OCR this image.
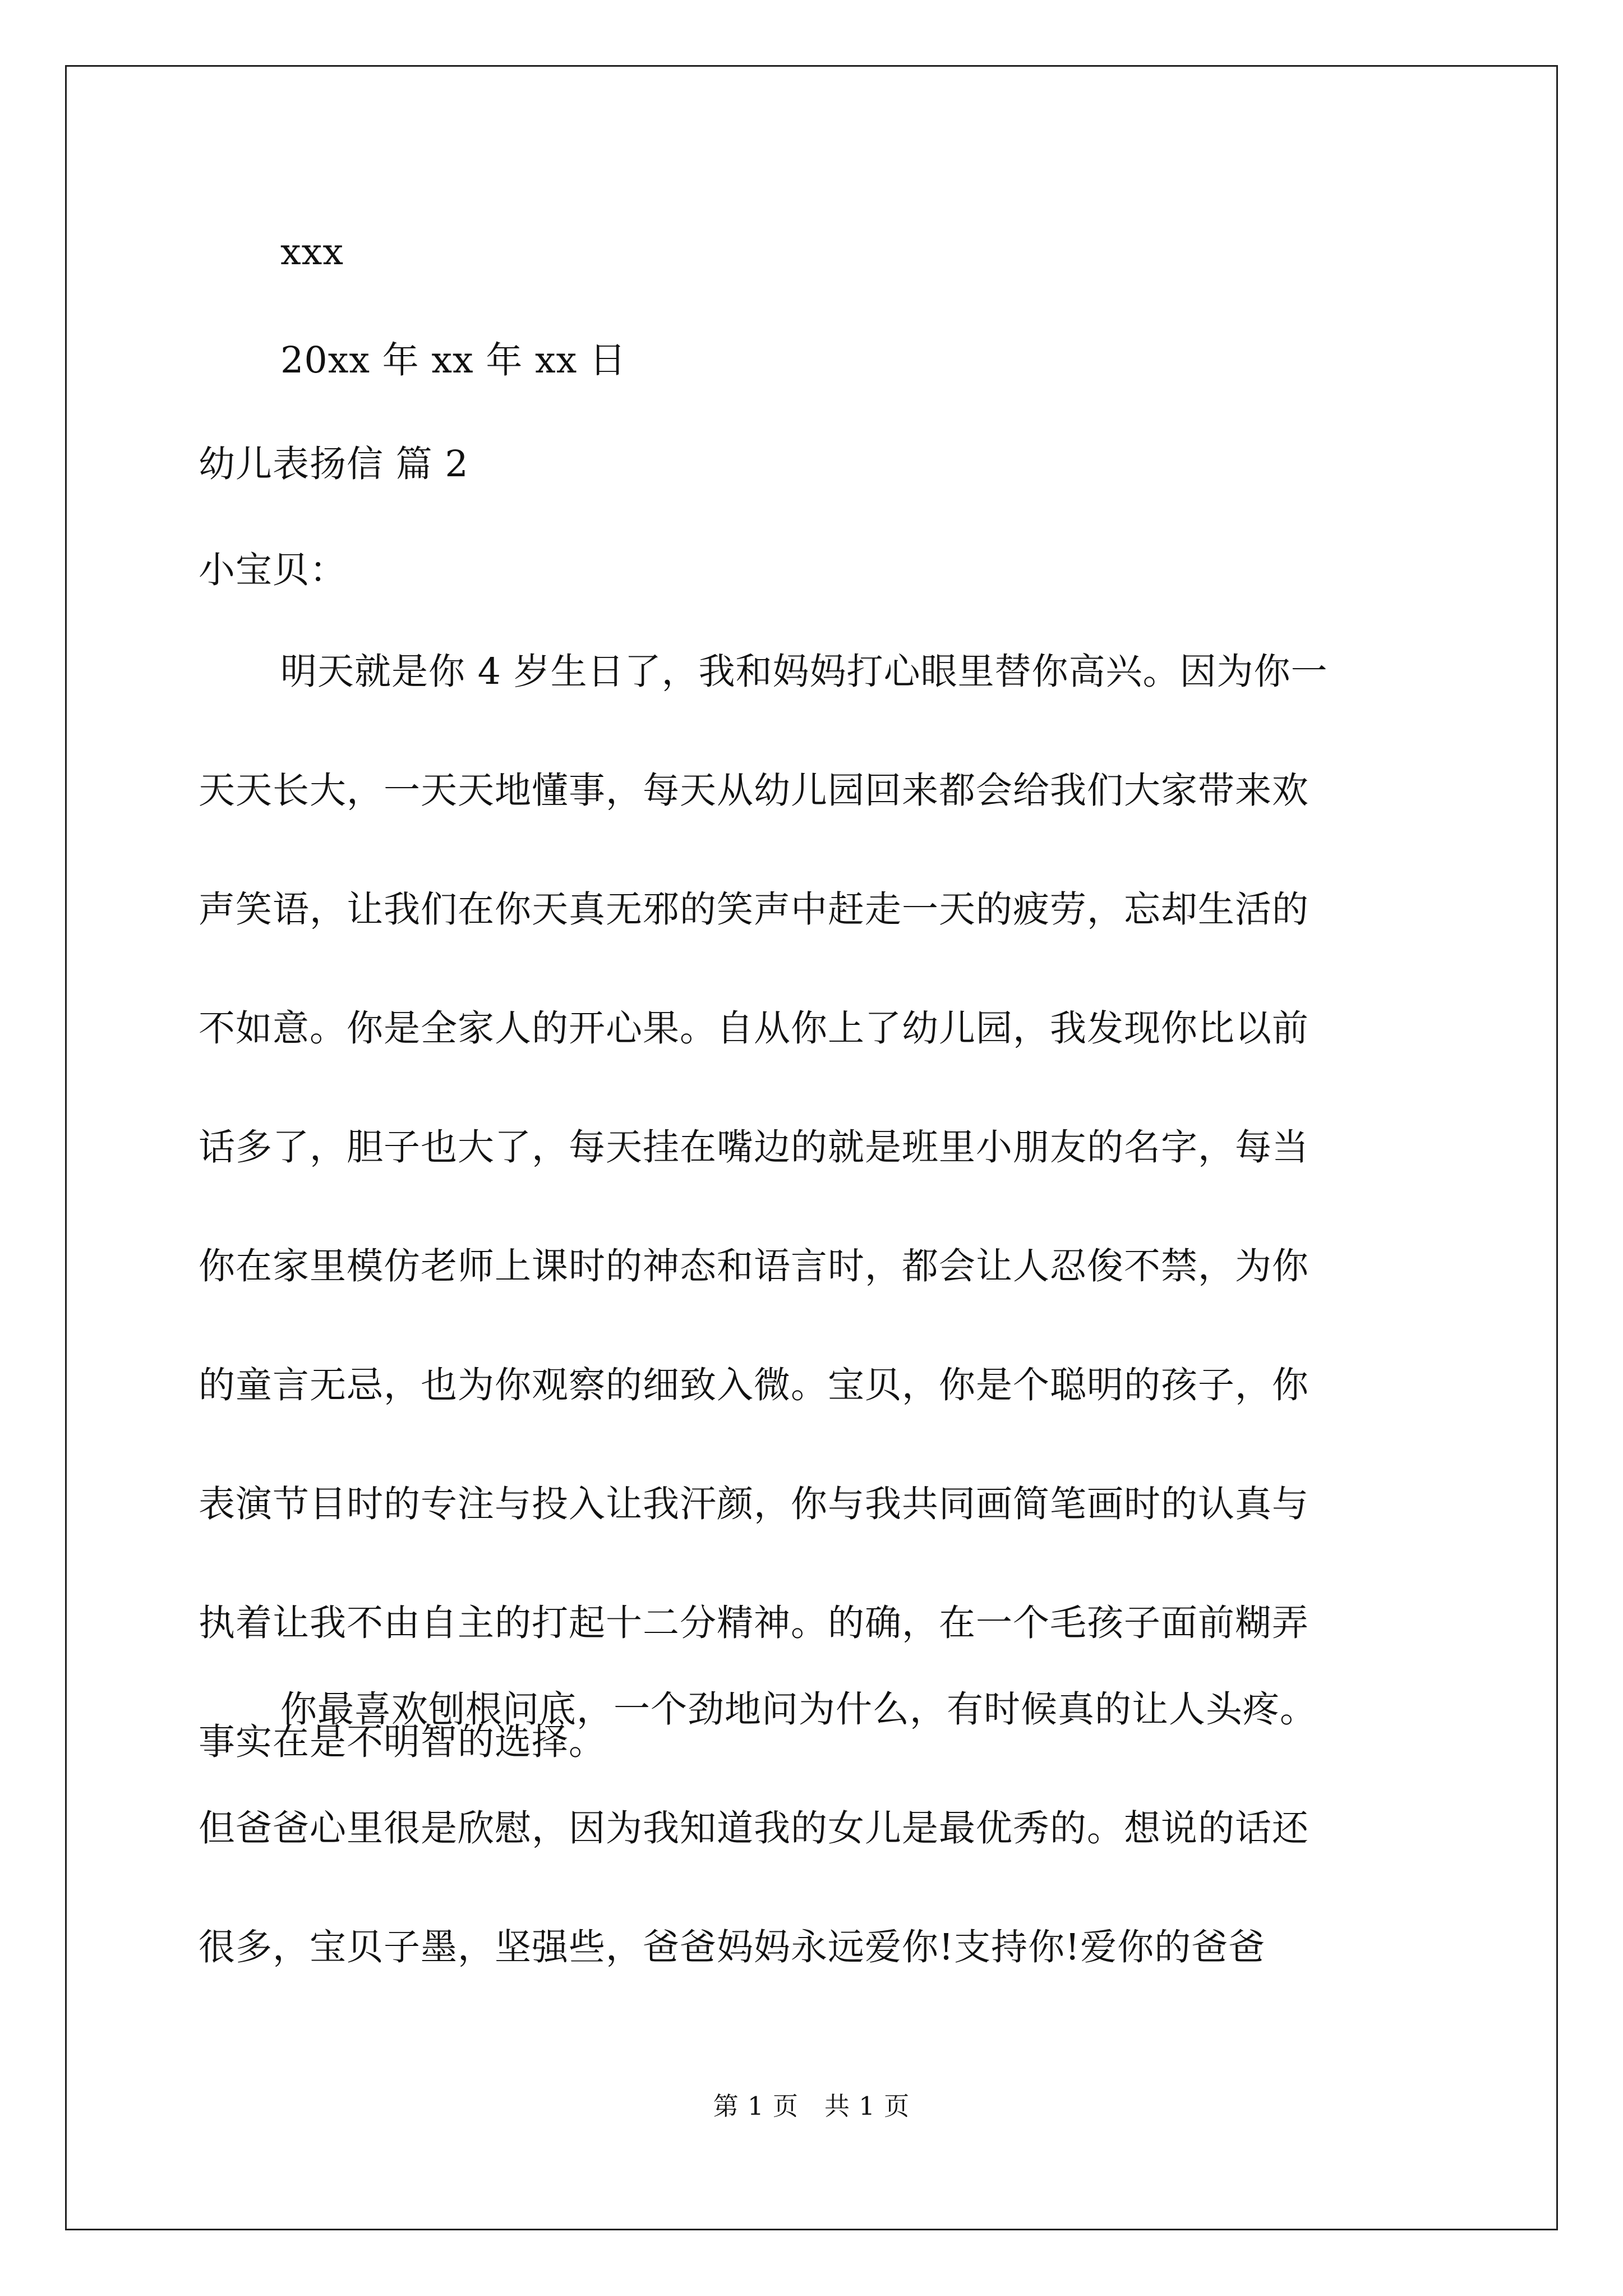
xxx
20xx 年 xx 年 xx 日
幼儿表扬信 篇 2
小宝贝：
明天就是你 4 岁生日了，我和妈妈打心眼里替你高兴。因为你一
天天长大，一天天地懂事，每天从幼儿园回来都会给我们大家带来欢
声笑语，让我们在你天真无邪的笑声中赶走一天的疲劳，忘却生活的
不如意。你是全家人的开心果。自从你上了幼儿园，我发现你比以前
话多了，胆子也大了，每天挂在嘴边的就是班里小朋友的名字，每当
你在家里模仿老师上课时的神态和语言时，都会让人忍俊不禁，为你
的童言无忌，也为你观察的细致入微。宝贝，你是个聪明的孩子，你
表演节目时的专注与投入让我汗颜，你与我共同画简笔画时的认真与
执着让我不由自主的打起十二分精神。的确，在一个毛孩子面前糊弄
事实在是不明智的选择。
你最喜欢刨根问底，一个劲地问为什么，有时候真的让人头疼。
但爸爸心里很是欣慰，因为我知道我的女儿是最优秀的。想说的话还
很多，宝贝子墨，坚强些，爸爸妈妈永远爱你!支持你!爱你的爸爸
第 1 页　共 1 页
